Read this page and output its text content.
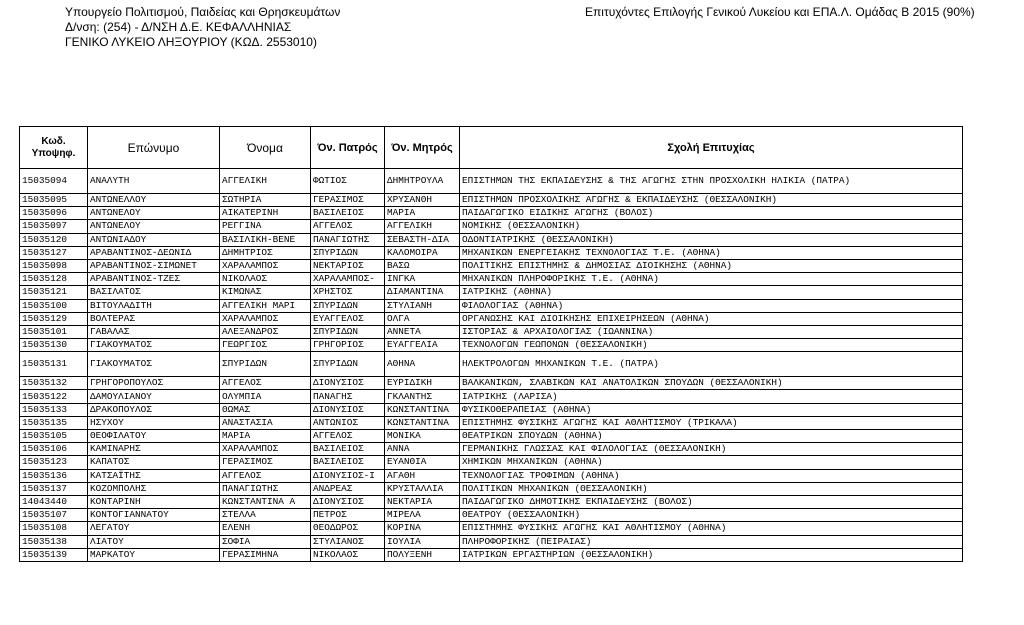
Υπουργείο Πολιτισμού, Παιδείας και Θρησκευμάτων
Δ/νση: (254) - Δ/ΝΣΗ Δ.Ε. ΚΕΦΑΛΛΗΝΙΑΣ
ΓΕΝΙΚΟ ΛΥΚΕΙΟ ΛΗΞΟΥΡΙΟΥ (ΚΩΔ. 2553010)
Επιτυχόντες Επιλογής Γενικού Λυκείου και ΕΠΑ.Λ. Ομάδας Β 2015 (90%)
Κωδ. Υποψηφ.	Επώνυμο	Όνομα	Όν. Πατρός	Όν. Μητρός	Σχολή Επιτυχίας
15035094	ΑΝΑΛΥΤΗ	ΑΓΓΕΛΙΚΗ	ΦΩΤΙΟΣ	ΔΗΜΗΤΡΟΥΛΑ	ΕΠΙΣΤΗΜΩΝ ΤΗΣ ΕΚΠΑΙΔΕΥΣΗΣ & ΤΗΣ ΑΓΩΓΗΣ ΣΤΗΝ ΠΡΟΣΧΟΛΙΚΗ ΗΛΙΚΙΑ (ΠΑΤΡΑ)
15035095	ΑΝΤΩΝΕΛΛΟΥ	ΣΩΤΗΡΙΑ	ΓΕΡΑΣΙΜΟΣ	ΧΡΥΣΑΝΘΗ	ΕΠΙΣΤΗΜΩΝ ΠΡΟΣΧΟΛΙΚΗΣ ΑΓΩΓΗΣ & ΕΚΠΑΙΔΕΥΣΗΣ (ΘΕΣΣΑΛΟΝΙΚΗ)
15035096	ΑΝΤΩΝΕΛΟΥ	ΑΙΚΑΤΕΡΙΝΗ	ΒΑΣΙΛΕΙΟΣ	ΜΑΡΙΑ	ΠΑΙΔΑΓΩΓΙΚΟ ΕΙΔΙΚΗΣ ΑΓΩΓΗΣ (ΒΟΛΟΣ)
15035097	ΑΝΤΩΝΕΛΟΥ	ΡΕΓΓΙΝΑ	ΑΓΓΕΛΟΣ	ΑΓΓΕΛΙΚΗ	ΝΟΜΙΚΗΣ (ΘΕΣΣΑΛΟΝΙΚΗ)
15035120	ΑΝΤΩΝΙΑΔΟΥ	ΒΑΣΙΛΙΚΗ-ΒΕΝΕ	ΠΑΝΑΓΙΩΤΗΣ	ΣΕΒΑΣΤΗ-ΔΙΑ	ΟΔΟΝΤΙΑΤΡΙΚΗΣ (ΘΕΣΣΑΛΟΝΙΚΗ)
15035127	ΑΡΑΒΑΝΤΙΝΟΣ-ΔΕΩΝΙΔ	ΔΗΜΗΤΡΙΟΣ	ΣΠΥΡΙΔΩΝ	ΚΑΛΟΜΟΙΡΑ	ΜΗΧΑΝΙΚΩΝ ΕΝΕΡΓΕΙΑΚΗΣ ΤΕΧΝΟΛΟΓΙΑΣ Τ.Ε. (ΑΘΗΝΑ)
15035098	ΑΡΑΒΑΝΤΙΝΟΣ-ΣΙΜΩΝΕΤ	ΧΑΡΑΛΑΜΠΟΣ	ΝΕΚΤΑΡΙΟΣ	ΒΑΣΩ	ΠΟΛΙΤΙΚΗΣ ΕΠΙΣΤΗΜΗΣ & ΔΗΜΟΣΙΑΣ ΔΙΟΙΚΗΣΗΣ (ΑΘΗΝΑ)
15035128	ΑΡΑΒΑΝΤΙΝΟΣ-ΤΖΕΣ	ΝΙΚΟΛΑΟΣ	ΧΑΡΑΛΑΜΠΟΣ-	ΙΝΓΚΑ	ΜΗΧΑΝΙΚΩΝ ΠΛΗΡΟΦΟΡΙΚΗΣ Τ.Ε. (ΑΘΗΝΑ)
15035121	ΒΑΣΙΛΑΤΟΣ	ΚΙΜΩΝΑΣ	ΧΡΗΣΤΟΣ	ΔΙΑΜΑΝΤΙΝΑ	ΙΑΤΡΙΚΗΣ (ΑΘΗΝΑ)
15035100	ΒΙΤΟΥΛΑΔΙΤΗ	ΑΓΓΕΛΙΚΗ ΜΑΡΙ	ΣΠΥΡΙΔΩΝ	ΣΤΥΛΙΑΝΗ	ΦΙΛΟΛΟΓΙΑΣ (ΑΘΗΝΑ)
15035129	ΒΟΛΤΕΡΑΣ	ΧΑΡΑΛΑΜΠΟΣ	ΕΥΑΓΓΕΛΟΣ	ΟΛΓΑ	ΟΡΓΑΝΩΣΗΣ ΚΑΙ ΔΙΟΙΚΗΣΗΣ ΕΠΙΧΕΙΡΗΣΕΩΝ (ΑΘΗΝΑ)
15035101	ΓΑΒΑΛΑΣ	ΑΛΕΞΑΝΔΡΟΣ	ΣΠΥΡΙΔΩΝ	ΑΝΝΕΤΑ	ΙΣΤΟΡΙΑΣ & ΑΡΧΑΙΟΛΟΓΙΑΣ (ΙΩΑΝΝΙΝΑ)
15035130	ΓΙΑΚΟΥΜΑΤΟΣ	ΓΕΩΡΓΙΟΣ	ΓΡΗΓΟΡΙΟΣ	ΕΥΑΓΓΕΛΙΑ	ΤΕΧΝΟΛΟΓΩΝ ΓΕΩΠΟΝΩΝ (ΘΕΣΣΑΛΟΝΙΚΗ)
15035131	ΓΙΑΚΟΥΜΑΤΟΣ	ΣΠΥΡΙΔΩΝ	ΣΠΥΡΙΔΩΝ	ΑΘΗΝΑ	ΗΛΕΚΤΡΟΛΟΓΩΝ ΜΗΧΑΝΙΚΩΝ Τ.Ε. (ΠΑΤΡΑ)
15035132	ΓΡΗΓΟΡΟΠΟΥΛΟΣ	ΑΓΓΕΛΟΣ	ΔΙΟΝΥΣΙΟΣ	ΕΥΡΙΔΙΚΗ	ΒΑΛΚΑΝΙΚΩΝ, ΣΛΑΒΙΚΩΝ ΚΑΙ ΑΝΑΤΟΛΙΚΩΝ ΣΠΟΥΔΩΝ (ΘΕΣΣΑΛΟΝΙΚΗ)
15035122	ΔΑΜΟΥΛΙΑΝΟΥ	ΟΛΥΜΠΙΑ	ΠΑΝΑΓΗΣ	ΓΚΛΑΝΤΗΣ	ΙΑΤΡΙΚΗΣ (ΛΑΡΙΣΑ)
15035133	ΔΡΑΚΟΠΟΥΛΟΣ	ΘΩΜΑΣ	ΔΙΟΝΥΣΙΟΣ	ΚΩΝΣΤΑΝΤΙΝΑ	ΦΥΣΙΚΟΘΕΡΑΠΕΙΑΣ (ΑΘΗΝΑ)
15035135	ΗΣΥΧΟΥ	ΑΝΑΣΤΑΣΙΑ	ΑΝΤΩΝΙΟΣ	ΚΩΝΣΤΑΝΤΙΝΑ	ΕΠΙΣΤΗΜΗΣ ΦΥΣΙΚΗΣ ΑΓΩΓΗΣ ΚΑΙ ΑΘΛΗΤΙΣΜΟΥ (ΤΡΙΚΑΛΑ)
15035105	ΘΕΟΦΙΛΑΤΟΥ	ΜΑΡΙΑ	ΑΓΓΕΛΟΣ	ΜΟΝΙΚΑ	ΘΕΑΤΡΙΚΩΝ ΣΠΟΥΔΩΝ (ΑΘΗΝΑ)
15035106	ΚΑΜΙΝΑΡΗΣ	ΧΑΡΑΛΑΜΠΟΣ	ΒΑΣΙΛΕΙΟΣ	ΑΝΝΑ	ΓΕΡΜΑΝΙΚΗΣ ΓΛΩΣΣΑΣ ΚΑΙ ΦΙΛΟΛΟΓΙΑΣ (ΘΕΣΣΑΛΟΝΙΚΗ)
15035123	ΚΑΠΑΤΟΣ	ΓΕΡΑΣΙΜΟΣ	ΒΑΣΙΛΕΙΟΣ	ΕΥΑΝΘΙΑ	ΧΗΜΙΚΩΝ ΜΗΧΑΝΙΚΩΝ (ΑΘΗΝΑ)
15035136	ΚΑΤΣΑΪΤΗΣ	ΑΓΓΕΛΟΣ	ΔΙΟΝΥΣΙΟΣ-Ι	ΑΓΑΘΗ	ΤΕΧΝΟΛΟΓΙΑΣ ΤΡΟΦΙΜΩΝ (ΑΘΗΝΑ)
15035137	ΚΟΖΟΜΠΟΛΗΣ	ΠΑΝΑΓΙΩΤΗΣ	ΑΝΔΡΕΑΣ	ΚΡΥΣΤΑΛΛΙΑ	ΠΟΛΙΤΙΚΩΝ ΜΗΧΑΝΙΚΩΝ (ΘΕΣΣΑΛΟΝΙΚΗ)
14043440	ΚΟΝΤΑΡΙΝΗ	ΚΩΝΣΤΑΝΤΙΝΑ Α	ΔΙΟΝΥΣΙΟΣ	ΝΕΚΤΑΡΙΑ	ΠΑΙΔΑΓΩΓΙΚΟ ΔΗΜΟΤΙΚΗΣ ΕΚΠΑΙΔΕΥΣΗΣ (ΒΟΛΟΣ)
15035107	ΚΟΝΤΟΓΙΑΝΝΑΤΟΥ	ΣΤΕΛΛΑ	ΠΕΤΡΟΣ	ΜΙΡΕΛΑ	ΘΕΑΤΡΟΥ (ΘΕΣΣΑΛΟΝΙΚΗ)
15035108	ΛΕΓΑΤΟΥ	ΕΛΕΝΗ	ΘΕΟΔΩΡΟΣ	ΚΟΡΙΝΑ	ΕΠΙΣΤΗΜΗΣ ΦΥΣΙΚΗΣ ΑΓΩΓΗΣ ΚΑΙ ΑΘΛΗΤΙΣΜΟΥ (ΑΘΗΝΑ)
15035138	ΛΙΑΤΟΥ	ΣΟΦΙΑ	ΣΤΥΛΙΑΝΟΣ	ΙΟΥΛΙΑ	ΠΛΗΡΟΦΟΡΙΚΗΣ (ΠΕΙΡΑΙΑΣ)
15035139	ΜΑΡΚΑΤΟΥ	ΓΕΡΑΣΙΜΗΝΑ	ΝΙΚΟΛΑΟΣ	ΠΟΛΥΞΕΝΗ	ΙΑΤΡΙΚΩΝ ΕΡΓΑΣΤΗΡΙΩΝ (ΘΕΣΣΑΛΟΝΙΚΗ)
